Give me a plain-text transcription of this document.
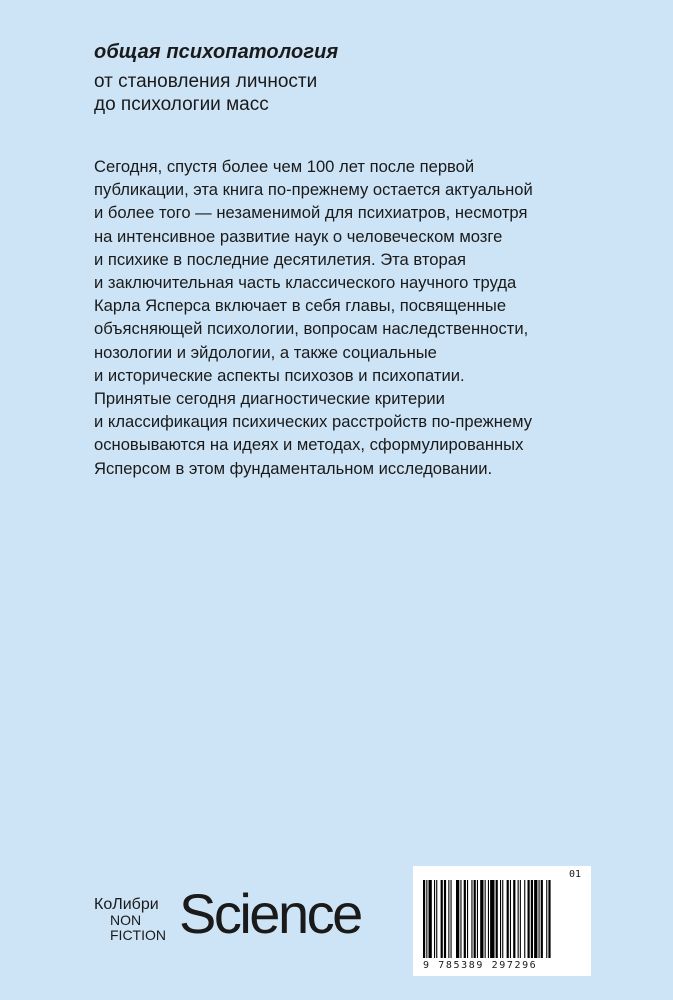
общая психопатология

от становления личности

до психологии масс

Сегодня, спустя более чем 100 лет после первой

публикации, эта книга по-прежнему остается актуальной

и более того — незаменимой для психиатров, несмотря

на интенсивное развитие наук о человеческом мозге

и психике в последние десятилетия. Эта вторая

и заключительная часть классического научного труда

Карла Ясперса включает в себя главы, посвященные

объясняющей психологии, вопросам наследственности,

нозологии и эйдологии, а также социальные

и исторические аспекты психозов и психопатии.

Принятые сегодня диагностические критерии

и классификация психических расстройств по-прежнему

основываются на идеях и методах, сформулированных

Ясперсом в этом фундаментальном исследовании.

КоЛибри
NON
FICTION Science
01
9 785389 297296
